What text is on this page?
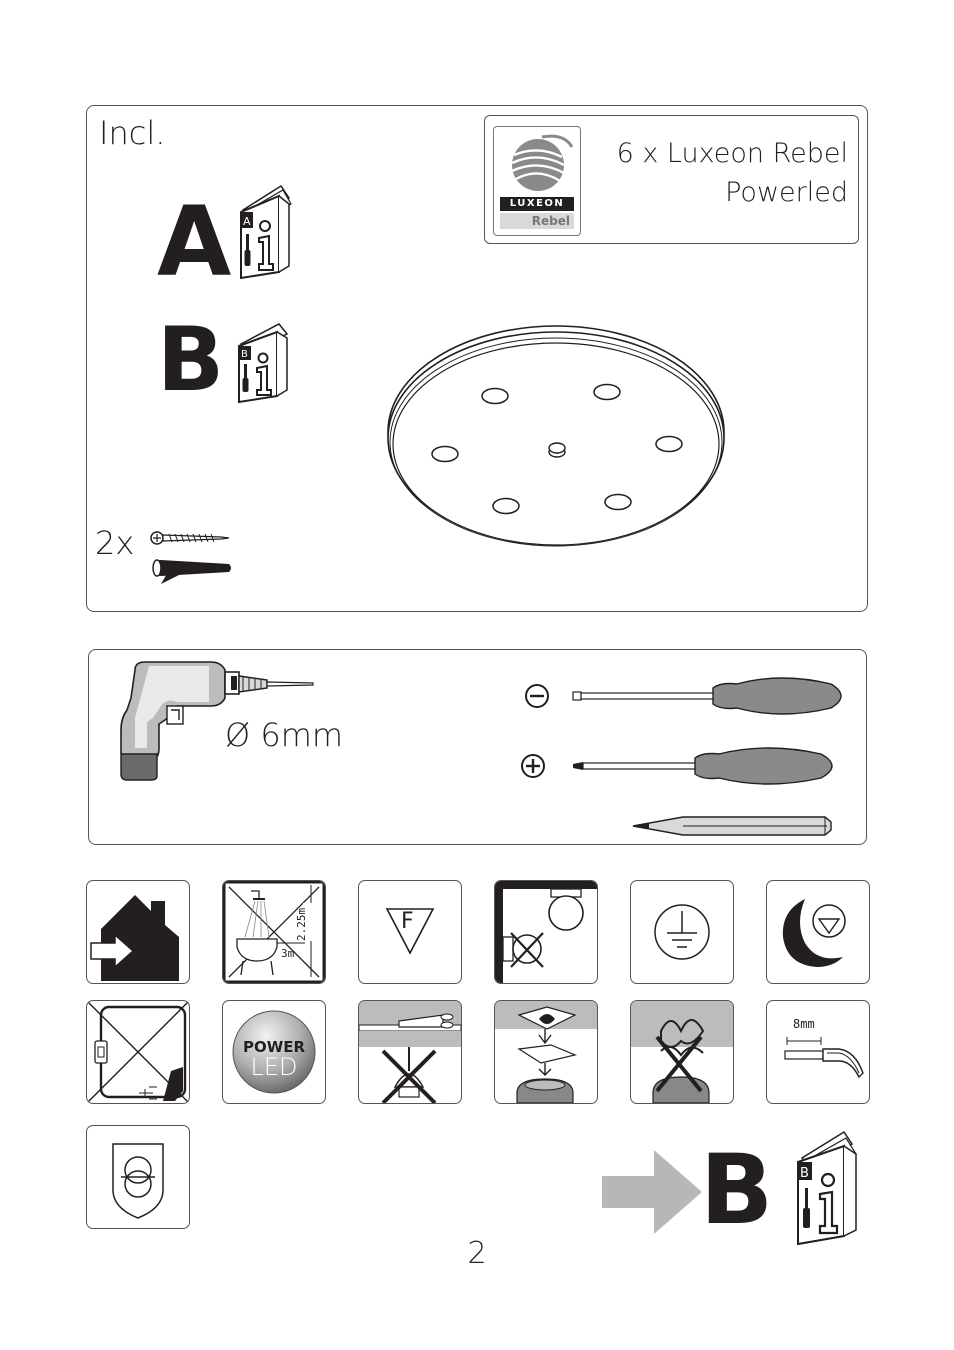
Incl.
LUXEON
Rebel
6 x Luxeon Rebel
Powerled
A A
B B
2x
Ø 6mm
2.25m
3m
F
POWER
LED
8mm
B B
2
